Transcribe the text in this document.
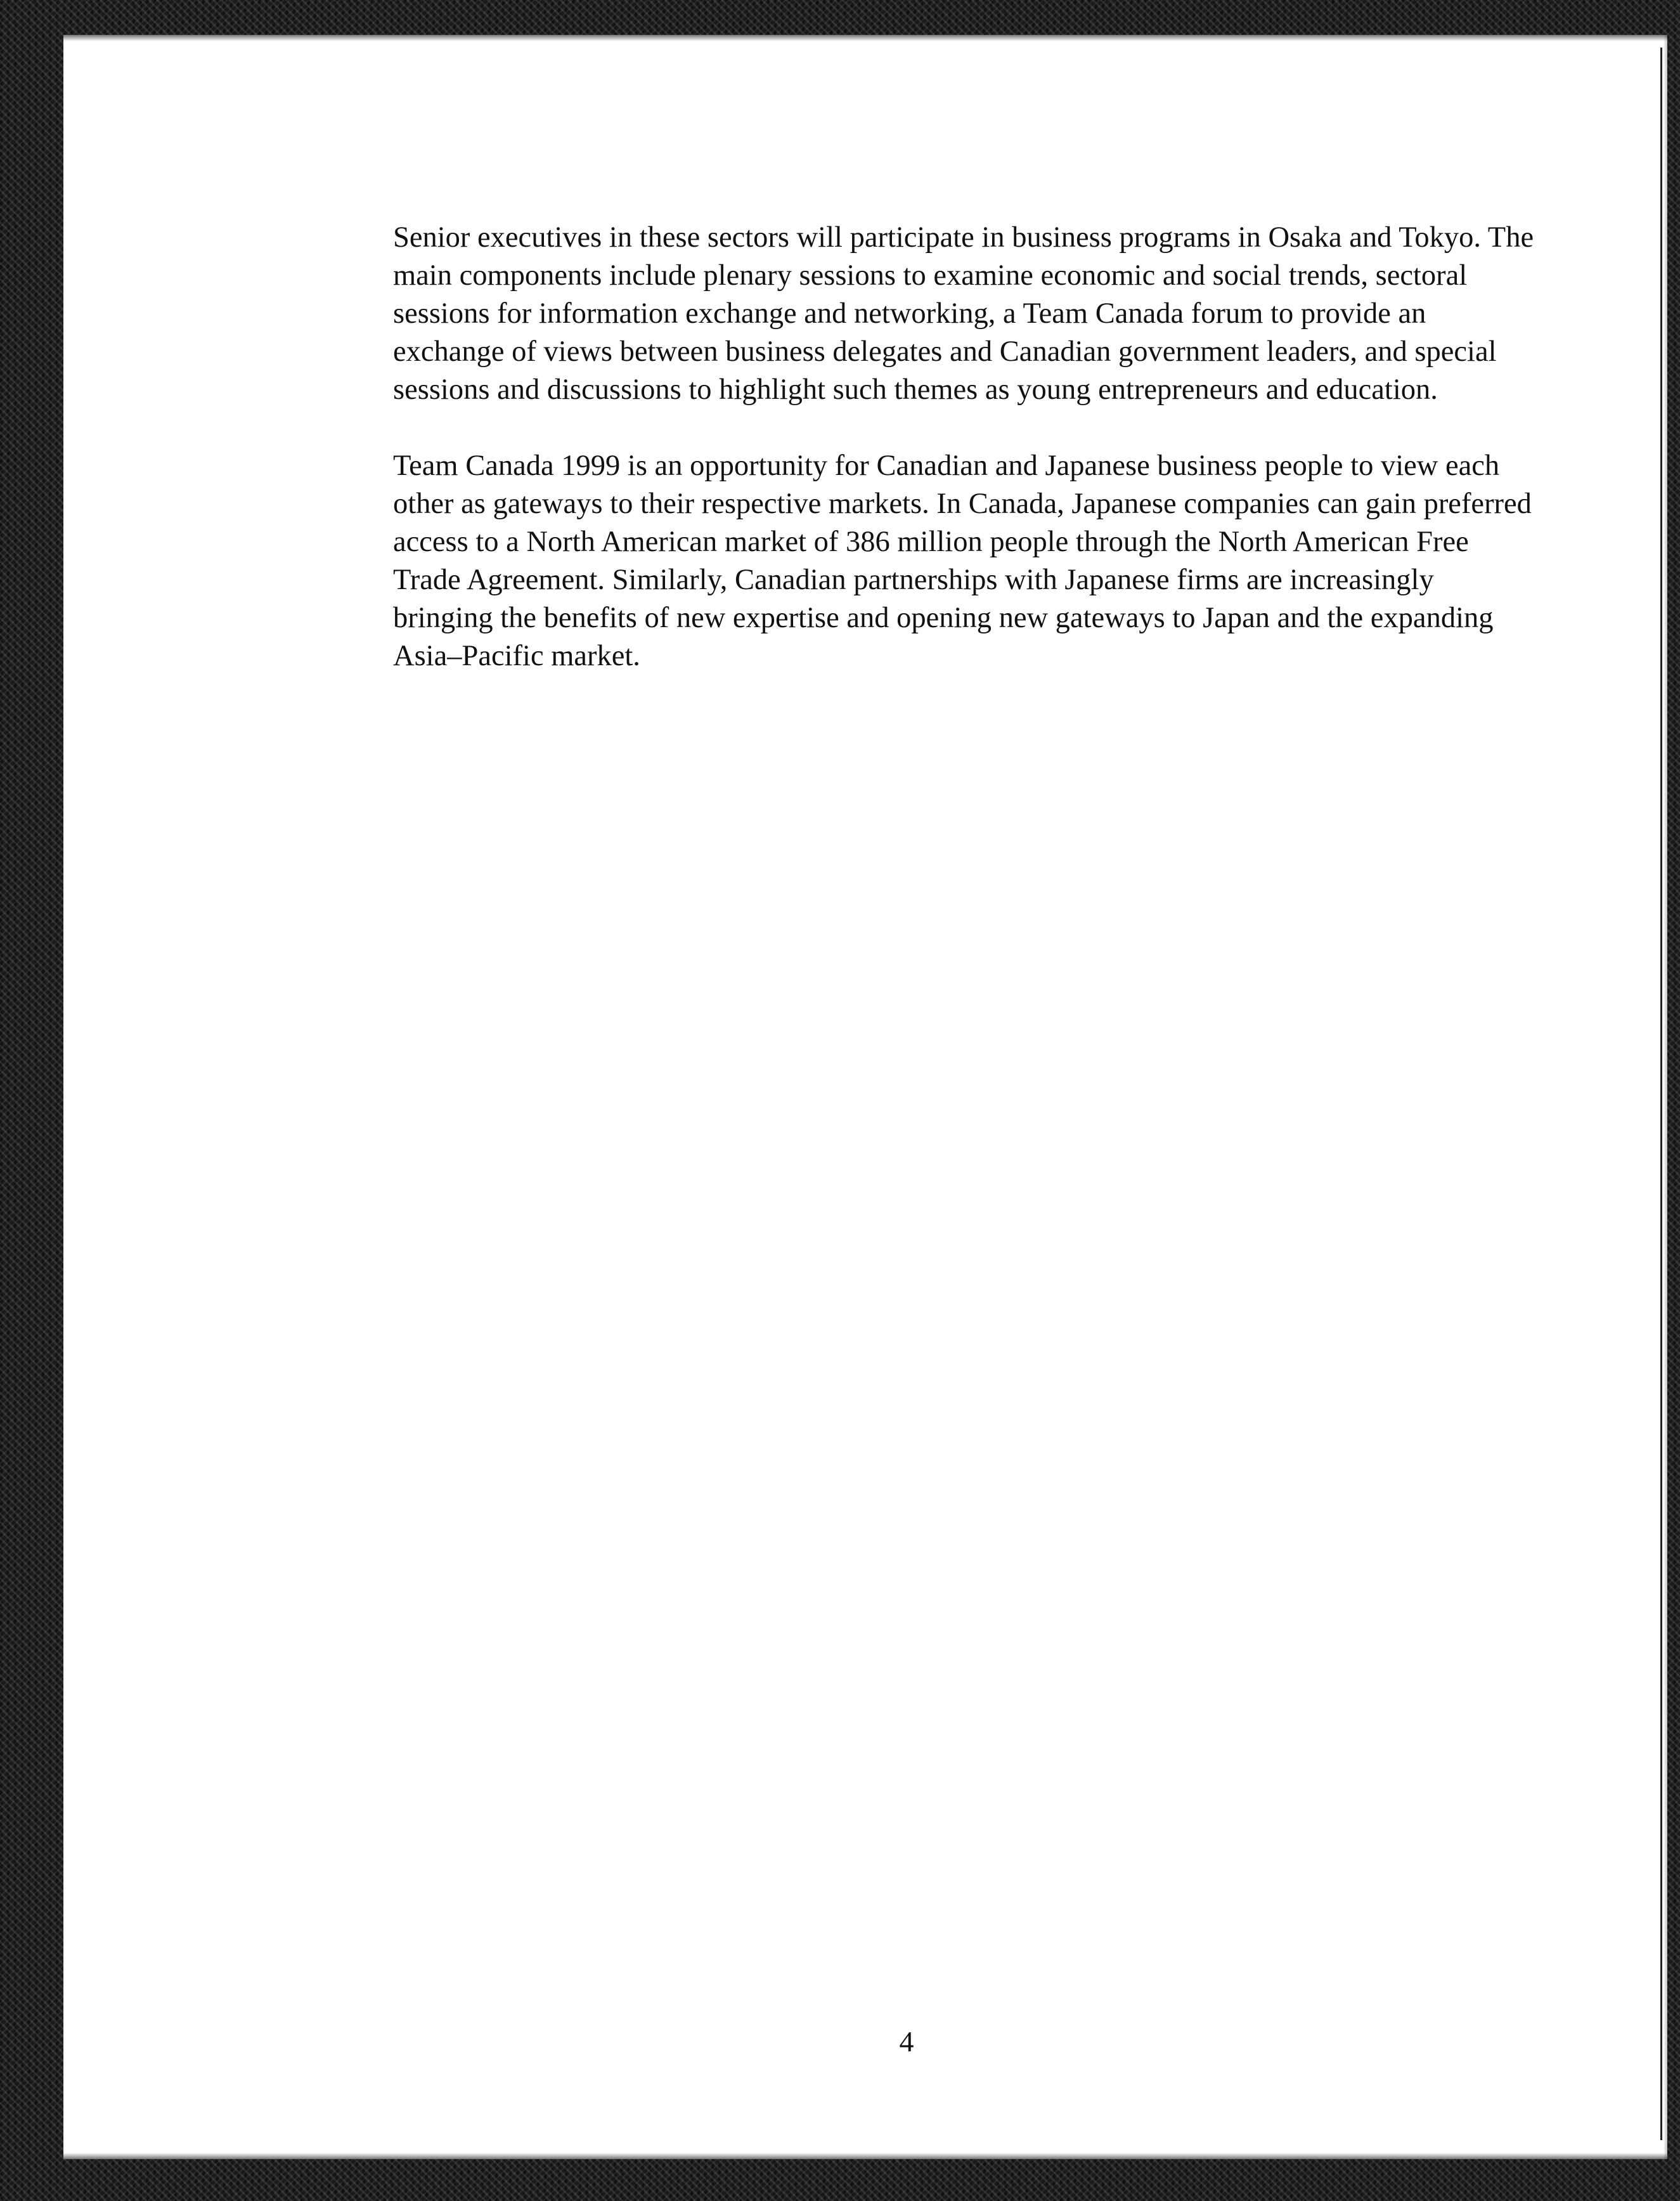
Senior executives in these sectors will participate in business programs in Osaka and Tokyo. The main components include plenary sessions to examine economic and social trends, sectoral sessions for information exchange and networking, a Team Canada forum to provide an exchange of views between business delegates and Canadian government leaders, and special sessions and discussions to highlight such themes as young entrepreneurs and education.

Team Canada 1999 is an opportunity for Canadian and Japanese business people to view each other as gateways to their respective markets. In Canada, Japanese companies can gain preferred access to a North American market of 386 million people through the North American Free Trade Agreement. Similarly, Canadian partnerships with Japanese firms are increasingly bringing the benefits of new expertise and opening new gateways to Japan and the expanding Asia–Pacific market.

4
